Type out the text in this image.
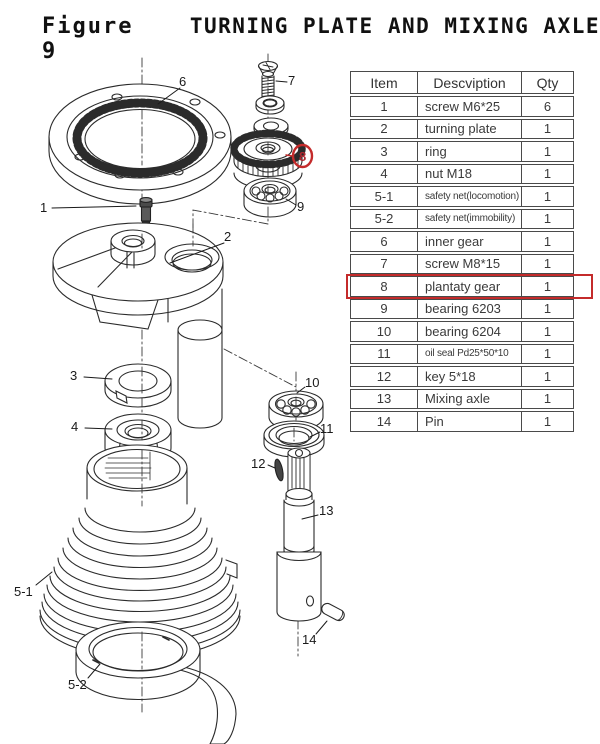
Figure 9
TURNING PLATE AND MIXING AXLE
1
2
3
4
5-1
5-2
6	7
8
9
10
11
12
13
14
Item	Descviption	Qty
1	screw M6*25	6
2	turning plate	1
3	ring	1
4	nut M18	1
5-1	safety net(locomotion)	1
5-2	safety net(immobility)	1
6	inner gear	1
7	screw M8*15	1
8	plantaty gear	1
9	bearing 6203	1
10	bearing 6204	1
11	oil seal Pd25*50*10	1
12	key 5*18	1
13	Mixing axle	1
14	Pin	1
